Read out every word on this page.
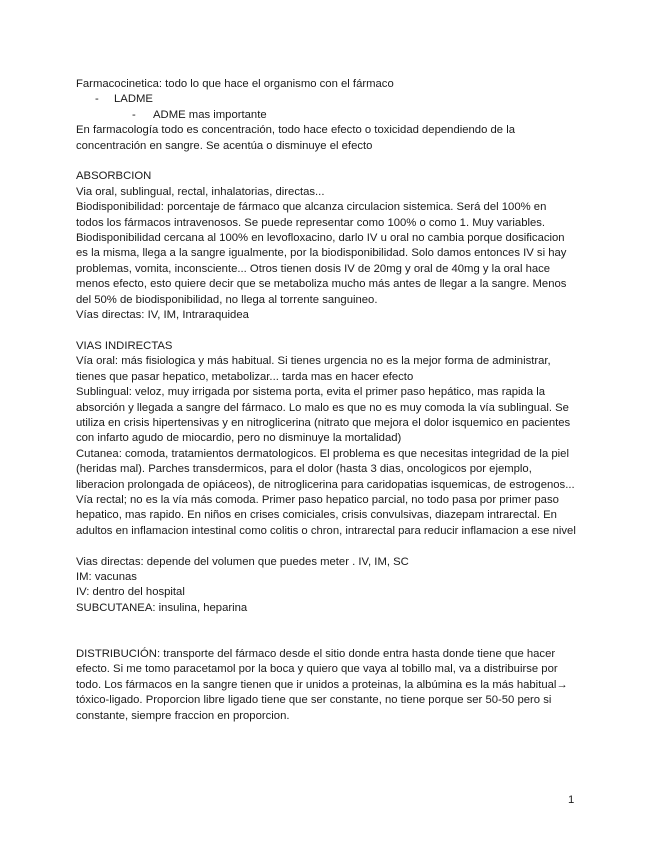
Farmacocinetica: todo lo que hace el organismo con el fármaco

- LADME
- ADME mas importante

En farmacología todo es concentración, todo hace efecto o toxicidad dependiendo de la concentración en sangre. Se acentúa o disminuye el efecto

ABSORBCION

Via oral, sublingual, rectal, inhalatorias, directas...

Biodisponibilidad: porcentaje de fármaco que alcanza circulacion sistemica. Será del 100% en todos los fármacos intravenosos. Se puede representar como 100% o como 1. Muy variables. Biodisponibilidad cercana al 100% en levofloxacino, darlo IV u oral no cambia porque dosificacion es la misma, llega a la sangre igualmente, por la biodisponibilidad. Solo damos entonces IV si hay problemas, vomita, inconsciente... Otros tienen dosis IV de 20mg y oral de 40mg y la oral hace menos efecto, esto quiere decir que se metaboliza mucho más antes de llegar a la sangre. Menos del 50% de biodisponibilidad, no llega al torrente sanguineo.

Vías directas: IV, IM, Intraraquidea

VIAS INDIRECTAS

Vía oral: más fisiologica y más habitual. Si tienes urgencia no es la mejor forma de administrar, tienes que pasar hepatico, metabolizar... tarda mas en hacer efecto

Sublingual: veloz, muy irrigada por sistema porta, evita el primer paso hepático, mas rapida la absorción y llegada a sangre del fármaco. Lo malo es que no es muy comoda la vía sublingual. Se utiliza en crisis hipertensivas y en nitroglicerina (nitrato que mejora el dolor isquemico en pacientes con infarto agudo de miocardio, pero no disminuye la mortalidad)

Cutanea: comoda, tratamientos dermatologicos. El problema es que necesitas integridad de la piel (heridas mal). Parches transdermicos, para el dolor (hasta 3 dias, oncologicos por ejemplo, liberacion prolongada de opiáceos), de nitroglicerina para caridopatias isquemicas, de estrogenos...

Vía rectal; no es la vía más comoda. Primer paso hepatico parcial, no todo pasa por primer paso hepatico, mas rapido. En niños en crises comiciales, crisis convulsivas, diazepam intrarectal. En adultos en inflamacion intestinal como colitis o chron, intrarectal para reducir inflamacion a ese nivel

Vias directas: depende del volumen que puedes meter . IV, IM, SC

IM: vacunas

IV: dentro del hospital

SUBCUTANEA: insulina, heparina

DISTRIBUCIÓN: transporte del fármaco desde el sitio donde entra hasta donde tiene que hacer efecto. Si me tomo paracetamol por la boca y quiero que vaya al tobillo mal, va a distribuirse por todo. Los fármacos en la sangre tienen que ir unidos a proteinas, la albúmina es la más habitual→ tóxico-ligado. Proporcion libre ligado tiene que ser constante, no tiene porque ser 50-50 pero si constante, siempre fraccion en proporcion.

1
